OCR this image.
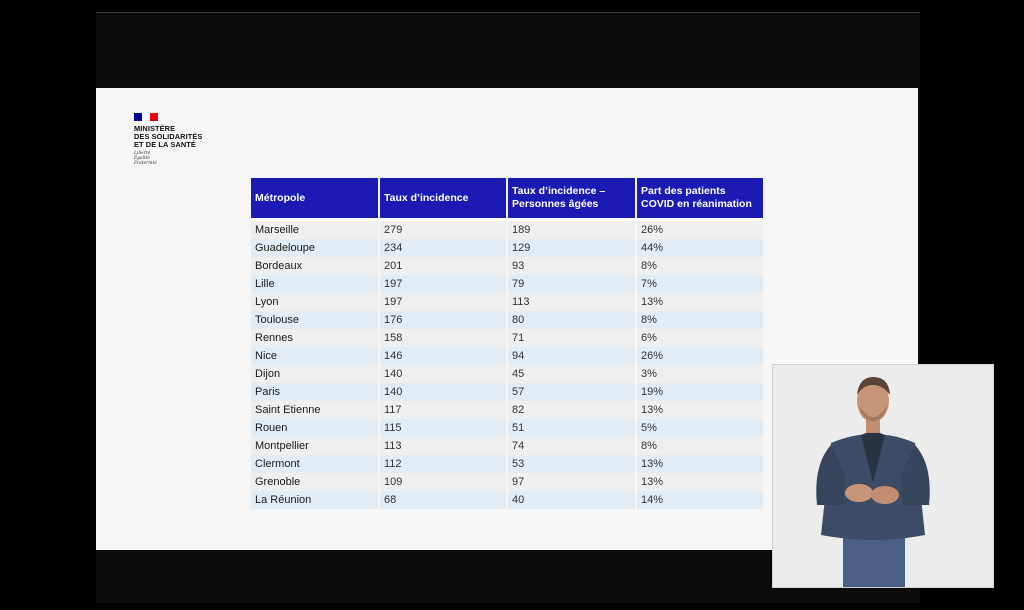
MINISTÈRE
DES SOLIDARITÉS
ET DE LA SANTÉ
Liberté
Égalité
Fraternité
Métropole	Taux d’incidence	Taux d’incidence – Personnes âgées	Part des patients COVID en réanimation
Marseille	279	189	26%
Guadeloupe	234	129	44%
Bordeaux	201	93	8%
Lille	197	79	7%
Lyon	197	113	13%
Toulouse	176	80	8%
Rennes	158	71	6%
Nice	146	94	26%
Dijon	140	45	3%
Paris	140	57	19%
Saint Etienne	117	82	13%
Rouen	115	51	5%
Montpellier	113	74	8%
Clermont	112	53	13%
Grenoble	109	97	13%
La Réunion	68	40	14%
